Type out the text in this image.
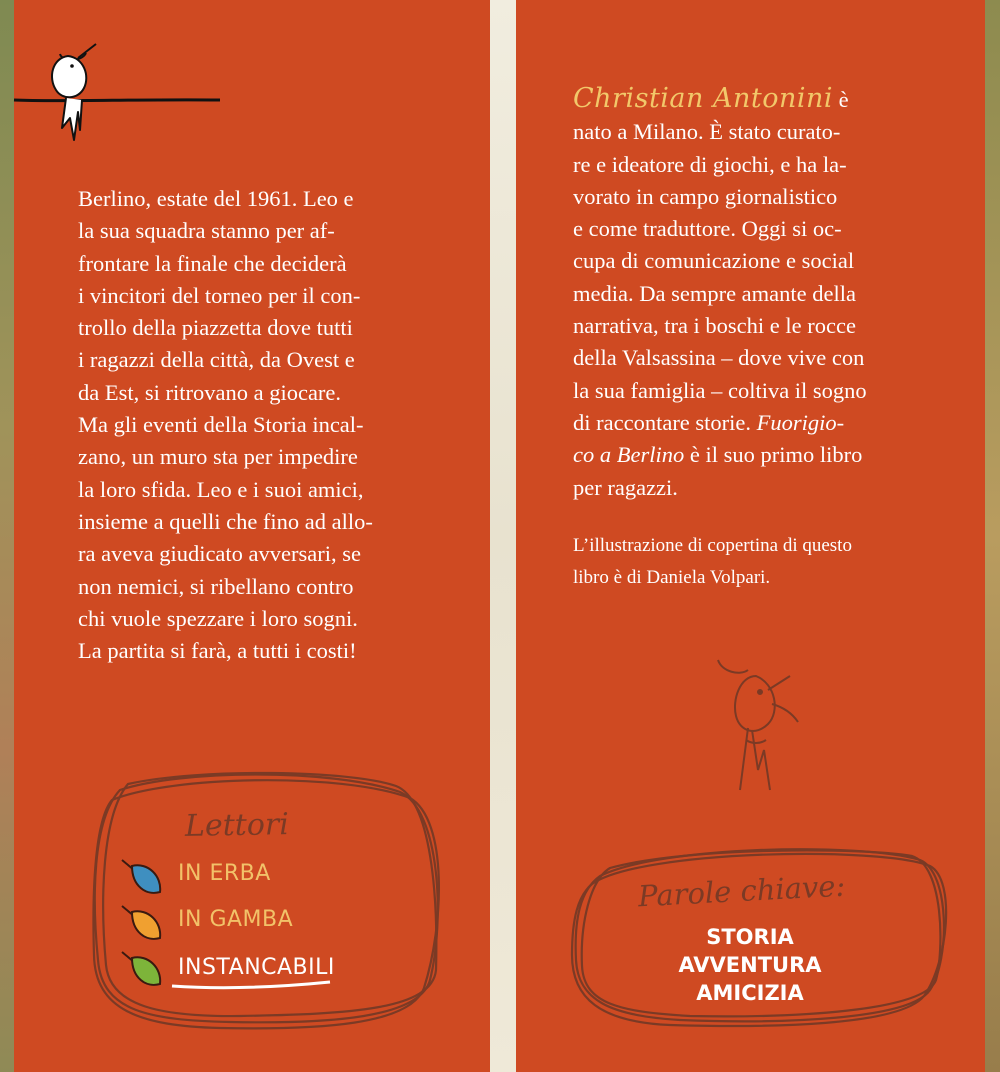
Berlino, estate del 1961. Leo e
la sua squadra stanno per af-
frontare la finale che deciderà
i vincitori del torneo per il con-
trollo della piazzetta dove tutti
i ragazzi della città, da Ovest e
da Est, si ritrovano a giocare.
Ma gli eventi della Storia incal-
zano, un muro sta per impedire
la loro sfida. Leo e i suoi amici,
insieme a quelli che fino ad allo-
ra aveva giudicato avversari, se
non nemici, si ribellano contro
chi vuole spezzare i loro sogni.
La partita si farà, a tutti i costi!

Lettori
IN ERBA
IN GAMBA
INSTANCABILI
Christian Antonini è
nato a Milano. È stato curato-
re e ideatore di giochi, e ha la-
vorato in campo giornalistico
e come traduttore. Oggi si oc-
cupa di comunicazione e social
media. Da sempre amante della
narrativa, tra i boschi e le rocce
della Valsassina – dove vive con
la sua famiglia – coltiva il sogno
di raccontare storie. Fuorigio-
co a Berlino è il suo primo libro
per ragazzi.

L’illustrazione di copertina di questo
libro è di Daniela Volpari.

Parole chiave:
STORIA
AVVENTURA
AMICIZIA
